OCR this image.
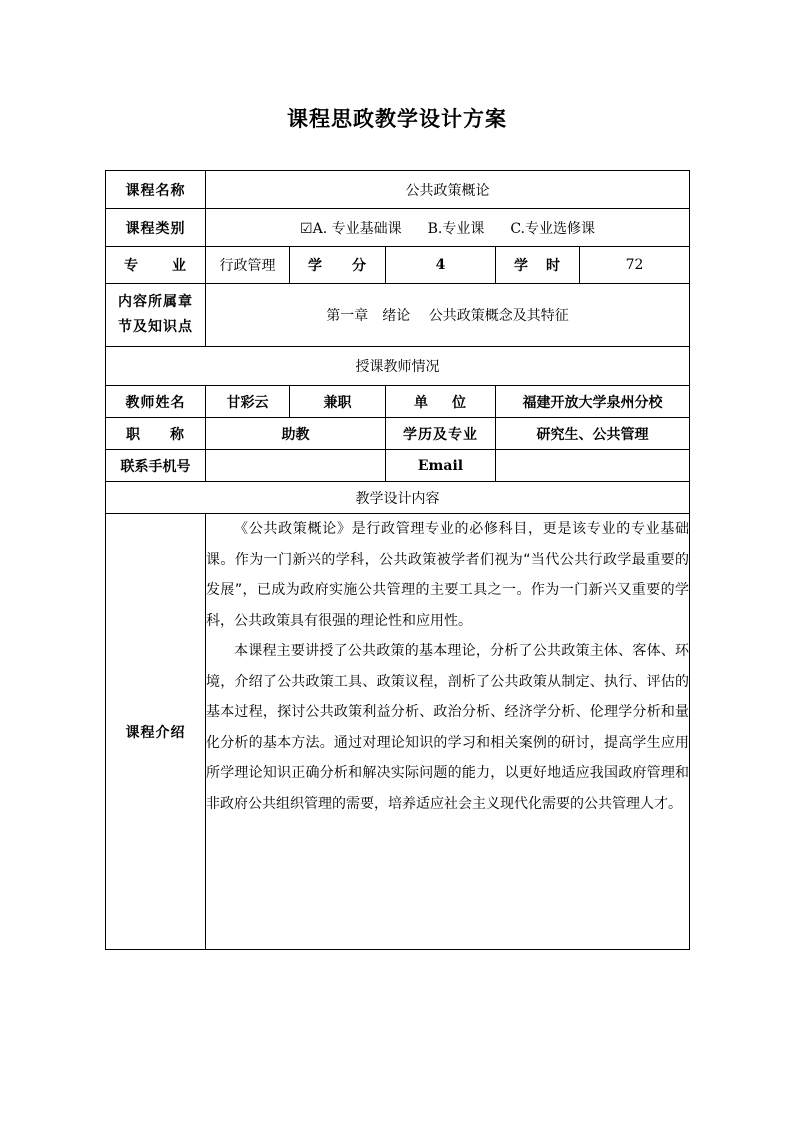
课程思政教学设计方案
课程名称	公共政策概论				
课程类别	☑A. 专业基础课 B.专业课 C.专业选修课				

专 业	行政管理	学 分	4	学 时	72

内容所属章
节及知识点	第一章　绪论　 公共政策概念及其特征				
授课教师情况					
教师姓名	甘彩云	兼职	单 位	福建开放大学泉州分校	

职 称	助教		学历及专业	研究生、公共管理	
联系手机号			Email		
教学设计内容					
课程介绍	《公共政策概论》是行政管理专业的必修科目，更是该专业的专业基础课。作为一门新兴的学科，公共政策被学者们视为“当代公共行政学最重要的发展”，已成为政府实施公共管理的主要工具之一。作为一门新兴又重要的学科，公共政策具有很强的理论性和应用性。

本课程主要讲授了公共政策的基本理论，分析了公共政策主体、客体、环境，介绍了公共政策工具、政策议程，剖析了公共政策从制定、执行、评估的基本过程，探讨公共政策利益分析、政治分析、经济学分析、伦理学分析和量化分析的基本方法。通过对理论知识的学习和相关案例的研讨，提高学生应用所学理论知识正确分析和解决实际问题的能力，以更好地适应我国政府管理和非政府公共组织管理的需要，培养适应社会主义现代化需要的公共管理人才。				
